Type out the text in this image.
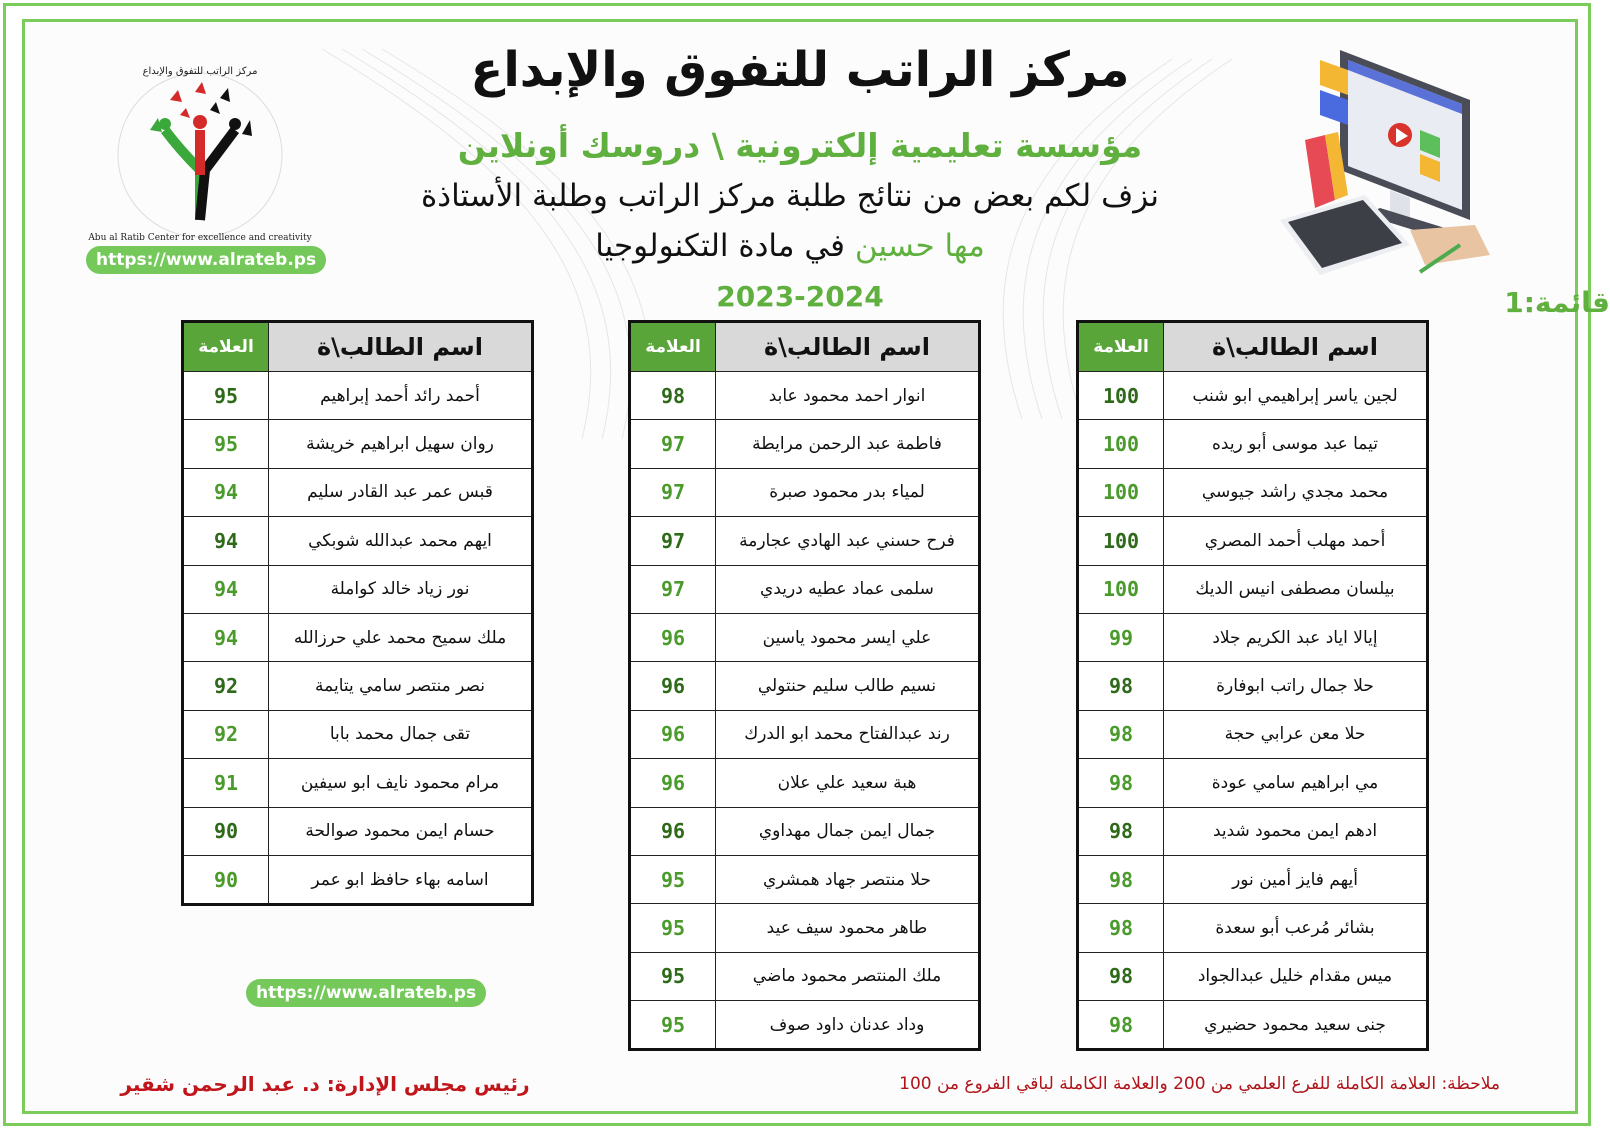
Abu al Ratib Center for excellence and creativity
مركز الراتب للتفوق والإبداع
https://www.alrateb.ps
مركز الراتب للتفوق والإبداع
مؤسسة تعليمية إلكترونية \ دروسك أونلاين
نزف لكم بعض من نتائج طلبة مركز الراتب وطلبة الأستاذة
مها حسين في مادة التكنولوجيا
2023-2024	قائمة:1
اسم الطالب\ة	العلامة
لجين ياسر إبراهيمي ابو شنب	100
تيما عبد موسى أبو ريده	100
محمد مجدي راشد جيوسي	100
أحمد مهلب أحمد المصري	100
بيلسان مصطفى انيس الديك	100
إيالا اياد عبد الكريم جلاد	99
حلا جمال راتب ابوفارة	98
حلا معن عرابي حجة	98
مي ابراهيم سامي عودة	98
ادهم ايمن محمود شديد	98
أيهم فايز أمين نور	98
بشائر مُرعب أبو سعدة	98
ميس مقدام خليل عبدالجواد	98
جنى سعيد محمود حضيري	98
اسم الطالب\ة	العلامة
انوار احمد محمود عابد	98
فاطمة عبد الرحمن مرايطة	97
لمياء بدر محمود صبرة	97
فرح حسني عبد الهادي عجارمة	97
سلمى عماد عطيه دريدي	97
علي ايسر محمود ياسين	96
نسيم طالب سليم حنتولي	96
رند عبدالفتاح محمد ابو الدرك	96
هبة سعيد علي علان	96
جمال ايمن جمال مهداوي	96
حلا منتصر جهاد همشري	95
طاهر محمود سيف عيد	95
ملك المنتصر محمود ماضي	95
وداد عدنان داود صوف	95
اسم الطالب\ة	العلامة
أحمد رائد أحمد إبراهيم	95
روان سهيل ابراهيم خريشة	95
قبس عمر عبد القادر سليم	94
ايهم محمد عبدالله شوبكي	94
نور زياد خالد كواملة	94
ملك سميح محمد علي حرزالله	94
نصر منتصر سامي يتايمة	92
تقى جمال محمد بابا	92
مرام محمود نايف ابو سيفين	91
حسام ايمن محمود صوالحة	90
اسامه بهاء حافظ ابو عمر	90
https://www.alrateb.ps
رئيس مجلس الإدارة: د. عبد الرحمن شقير	ملاحظة: العلامة الكاملة للفرع العلمي من 200 والعلامة الكاملة لباقي الفروع من 100
